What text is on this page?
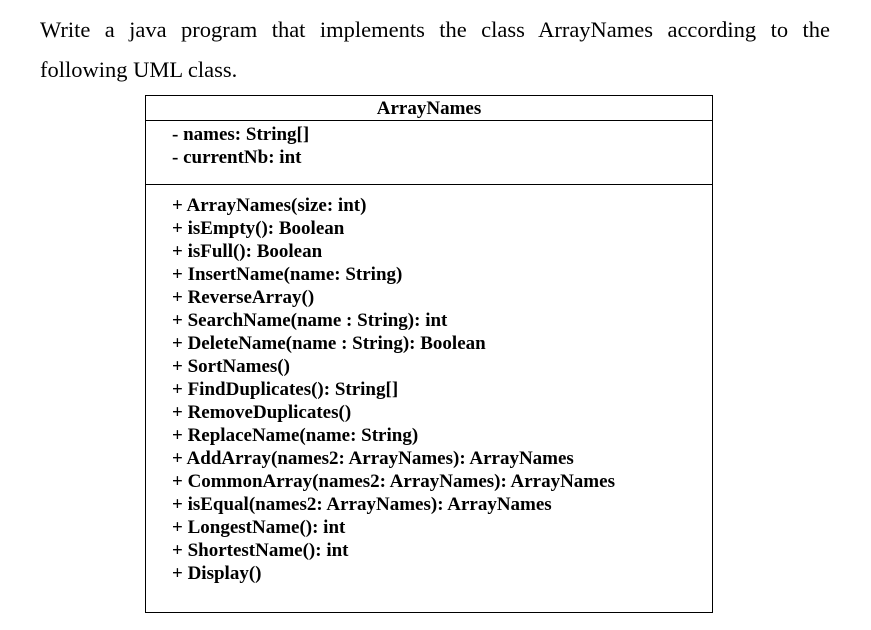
Write a java program that implements the class ArrayNames according to the
following UML class.
ArrayNames
- names: String[]
- currentNb: int
+ ArrayNames(size: int)
+ isEmpty(): Boolean
+ isFull(): Boolean
+ InsertName(name: String)
+ ReverseArray()
+ SearchName(name : String): int
+ DeleteName(name : String): Boolean
+ SortNames()
+ FindDuplicates(): String[]
+ RemoveDuplicates()
+ ReplaceName(name: String)
+ AddArray(names2: ArrayNames): ArrayNames
+ CommonArray(names2: ArrayNames): ArrayNames
+ isEqual(names2: ArrayNames): ArrayNames
+ LongestName(): int
+ ShortestName(): int
+ Display()
